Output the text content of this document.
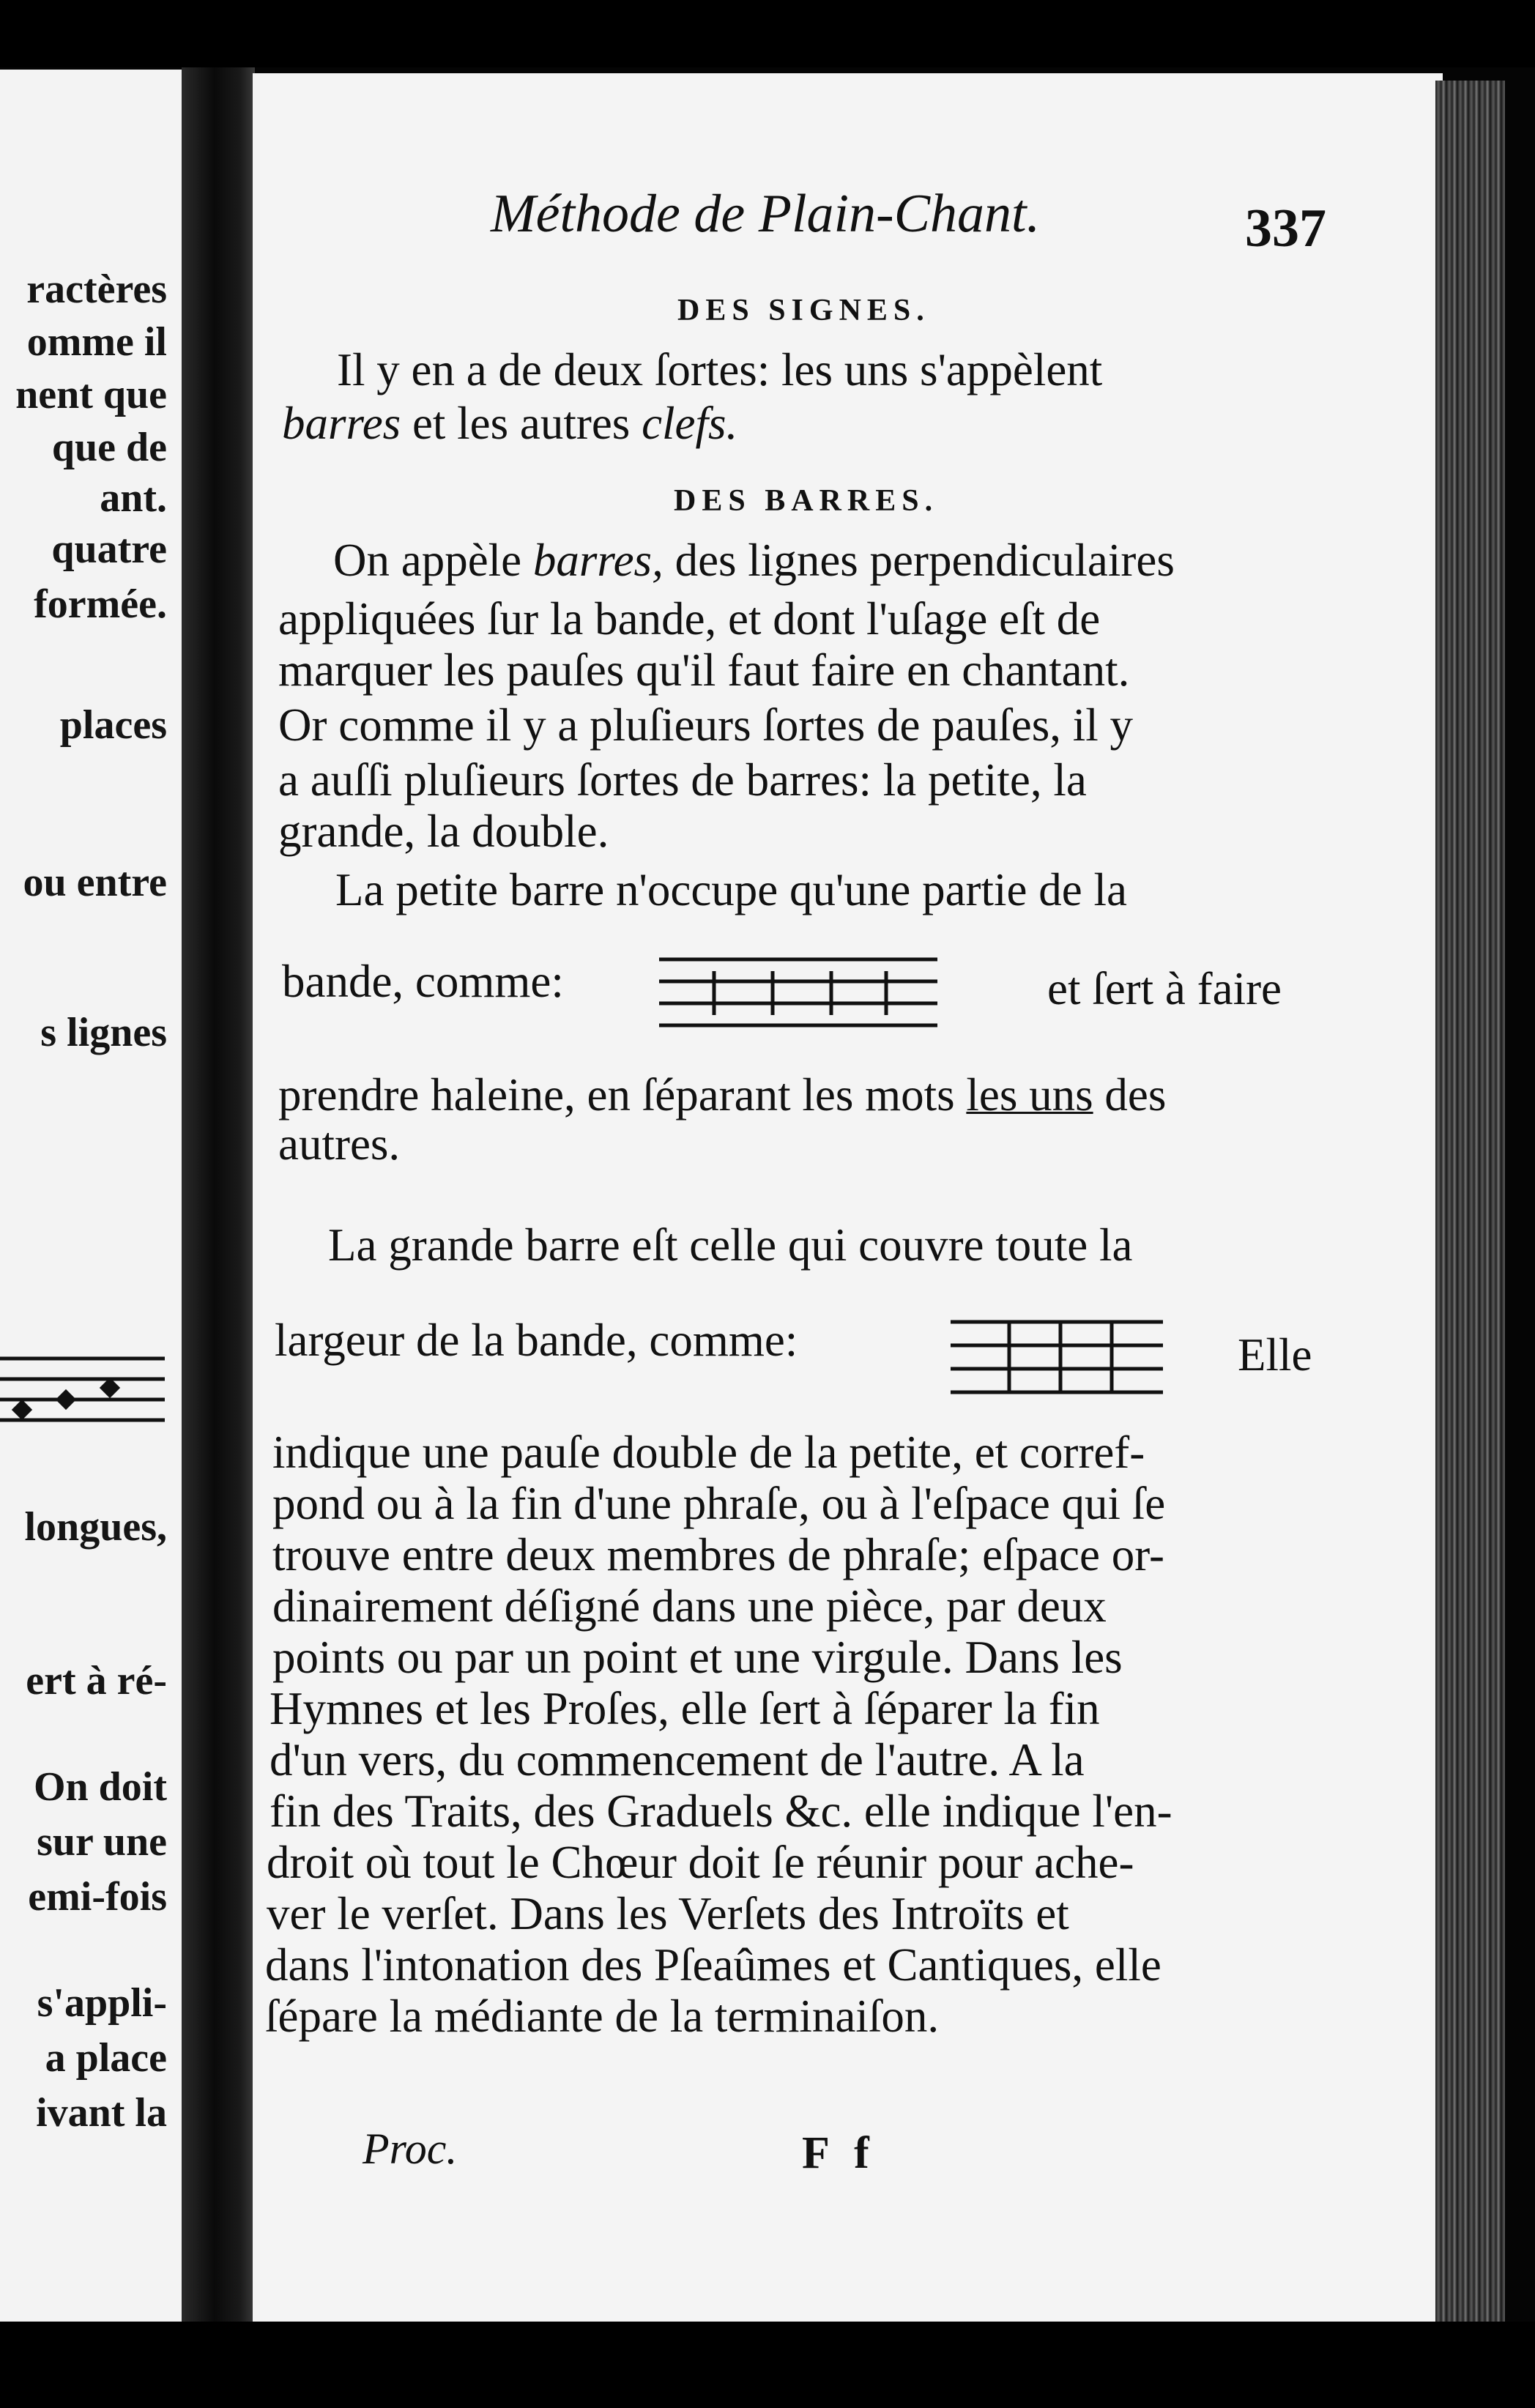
ractères
omme il
nent que
que de
ant.
quatre
formée.
places
ou entre
s lignes
longues,
ert à ré-
On doit
sur une
emi-fois
s'appli-
a place
ivant la
Méthode de Plain-Chant.	337
DES SIGNES.
Il y en a de deux ſortes: les uns s'appèlent
barres et les autres clefs.
DES BARRES.
On appèle barres, des lignes perpendiculaires
appliquées ſur la bande, et dont l'uſage eſt de
marquer les pauſes qu'il faut faire en chantant.
Or comme il y a pluſieurs ſortes de pauſes, il y
a auſſi pluſieurs ſortes de barres: la petite, la
grande, la double.
La petite barre n'occupe qu'une partie de la
bande, comme:	et ſert à faire
prendre haleine, en ſéparant les mots les uns des
autres.
La grande barre eſt celle qui couvre toute la
largeur de la bande, comme:	Elle
indique une pauſe double de la petite, et corref-
pond ou à la fin d'une phraſe, ou à l'eſpace qui ſe
trouve entre deux membres de phraſe; eſpace or-
dinairement déſigné dans une pièce, par deux
points ou par un point et une virgule. Dans les
Hymnes et les Proſes, elle ſert à ſéparer la fin
d'un vers, du commencement de l'autre. A la
fin des Traits, des Graduels &c. elle indique l'en-
droit où tout le Chœur doit ſe réunir pour ache-
ver le verſet. Dans les Verſets des Introïts et
dans l'intonation des Pſeaûmes et Cantiques, elle
ſépare la médiante de la terminaiſon.
Proc.	F f
